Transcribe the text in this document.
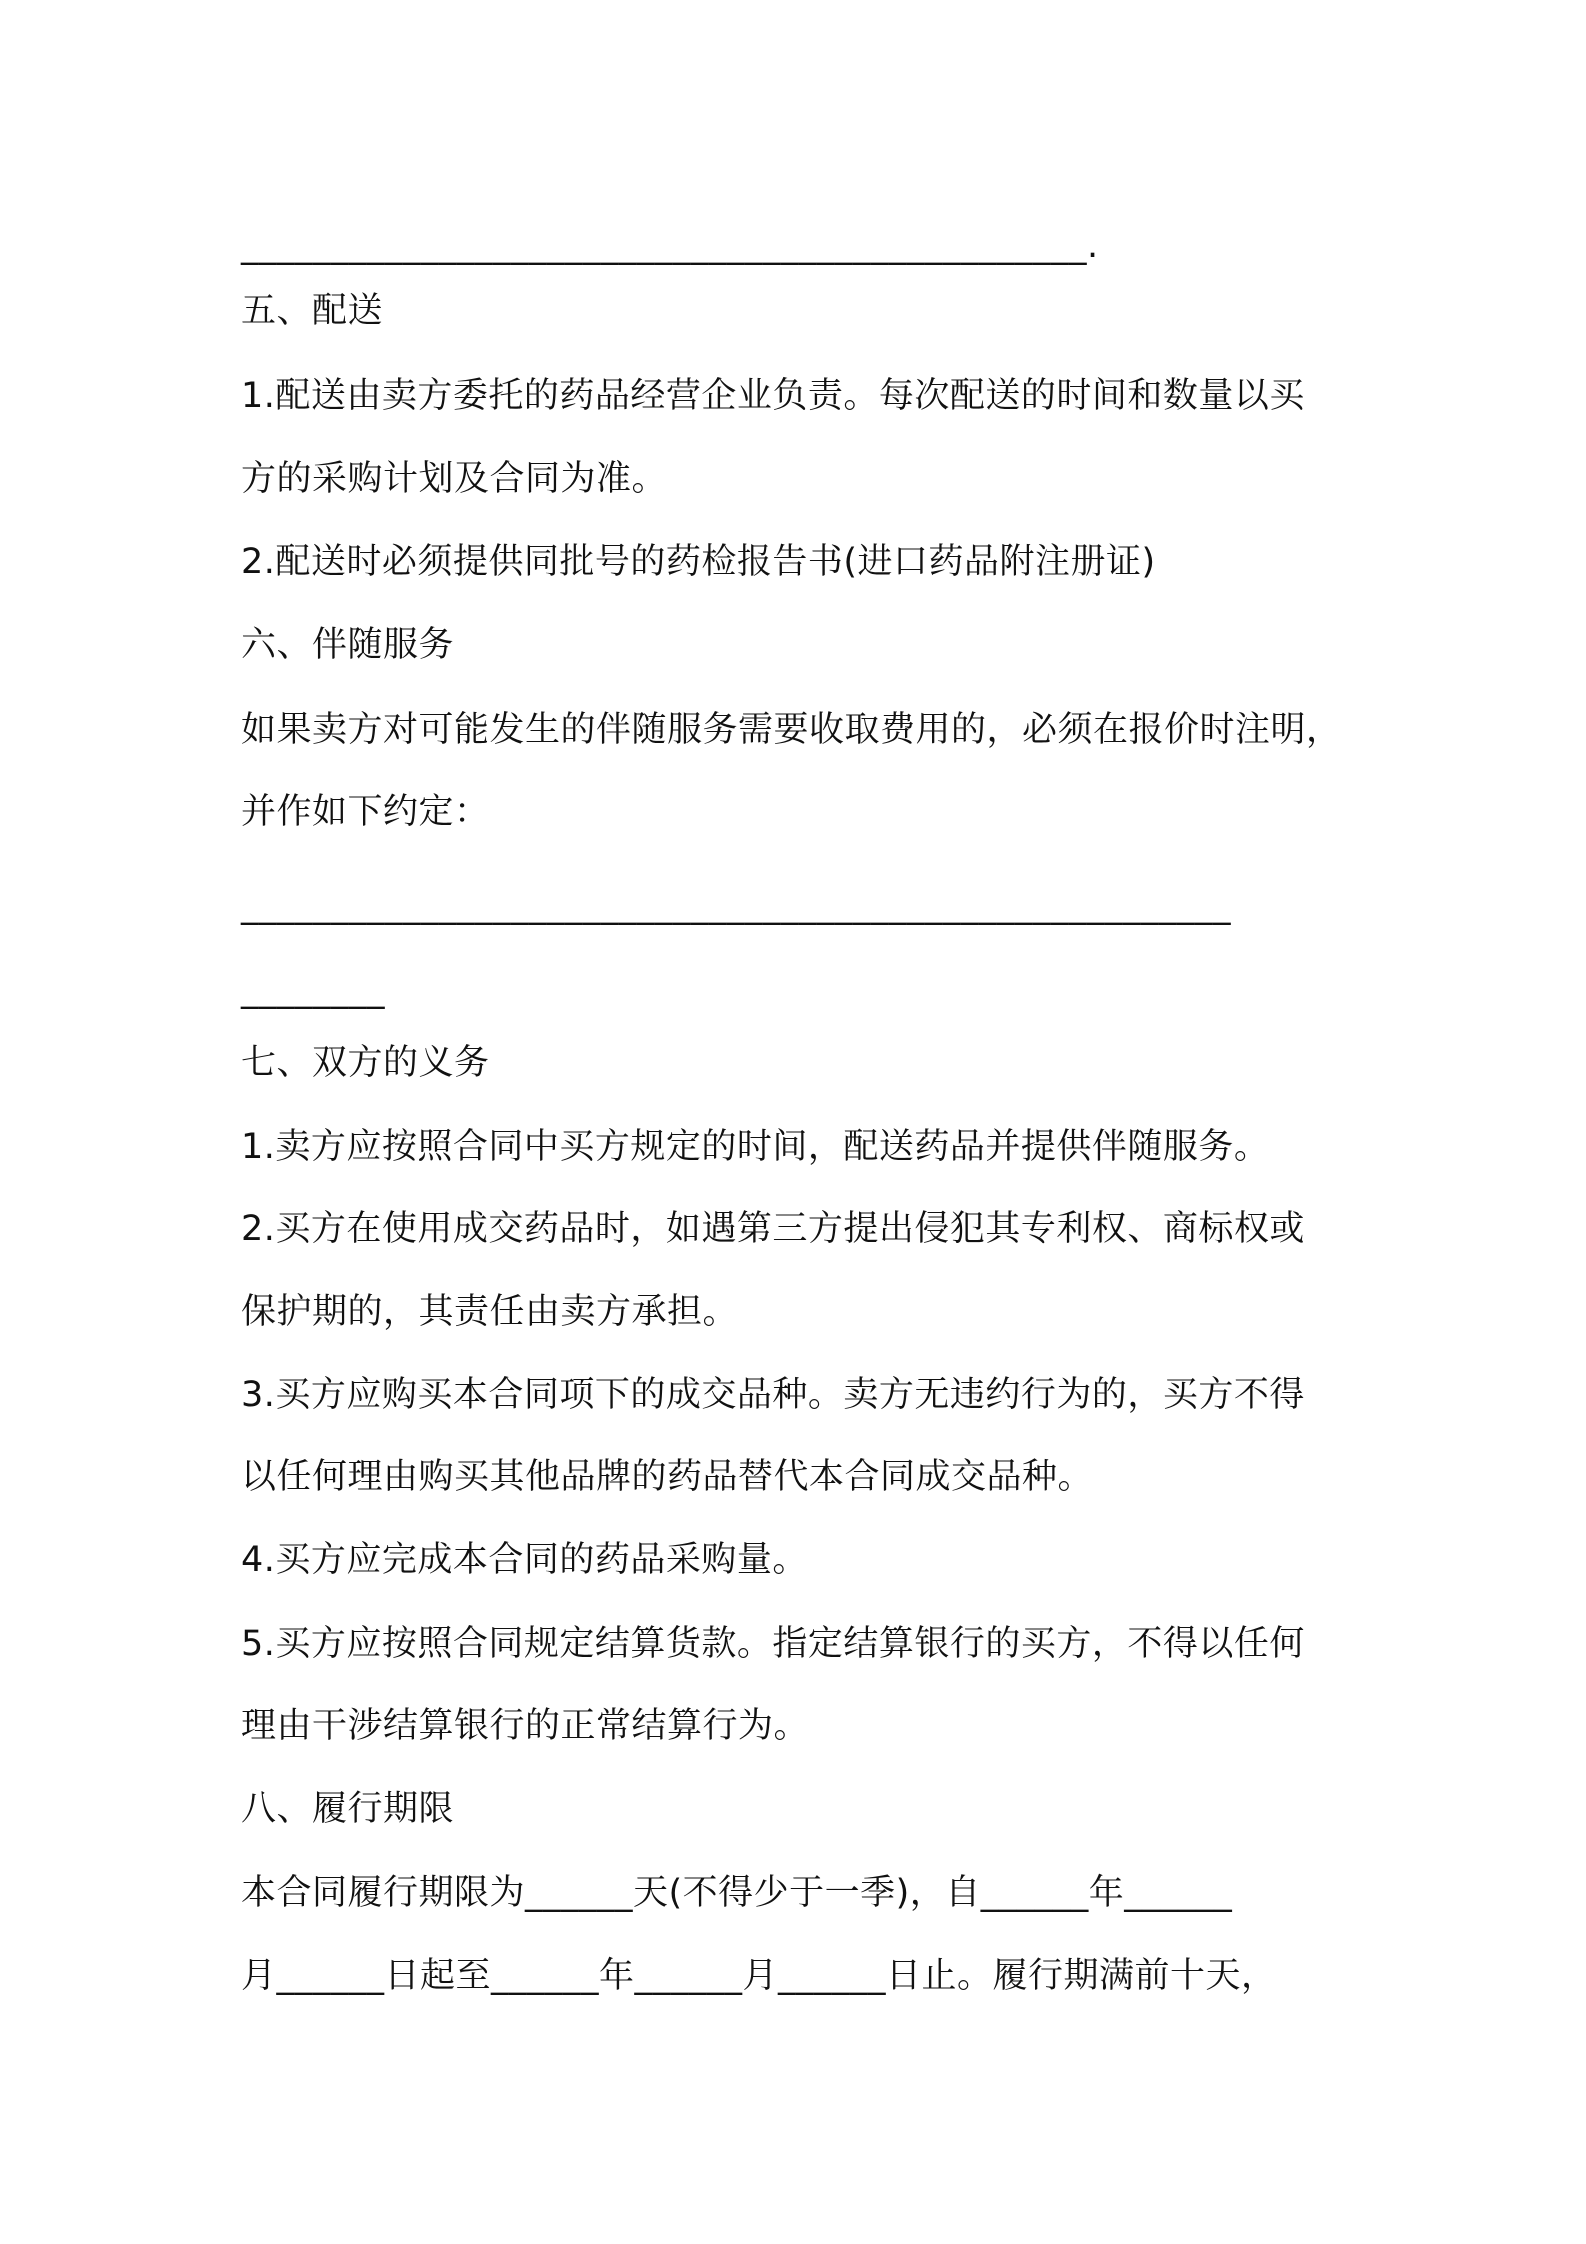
_______________________________________________.
五、配送
1.配送由卖方委托的药品经营企业负责。每次配送的时间和数量以买
方的采购计划及合同为准。
2.配送时必须提供同批号的药检报告书(进口药品附注册证)
六、伴随服务
如果卖方对可能发生的伴随服务需要收取费用的，必须在报价时注明，
并作如下约定：
_______________________________________________________
________
七、双方的义务
1.卖方应按照合同中买方规定的时间，配送药品并提供伴随服务。
2.买方在使用成交药品时，如遇第三方提出侵犯其专利权、商标权或
保护期的，其责任由卖方承担。
3.买方应购买本合同项下的成交品种。卖方无违约行为的，买方不得
以任何理由购买其他品牌的药品替代本合同成交品种。
4.买方应完成本合同的药品采购量。
5.买方应按照合同规定结算货款。指定结算银行的买方，不得以任何
理由干涉结算银行的正常结算行为。
八、履行期限
本合同履行期限为______天(不得少于一季)，自______年______
月______日起至______年______月______日止。履行期满前十天，
